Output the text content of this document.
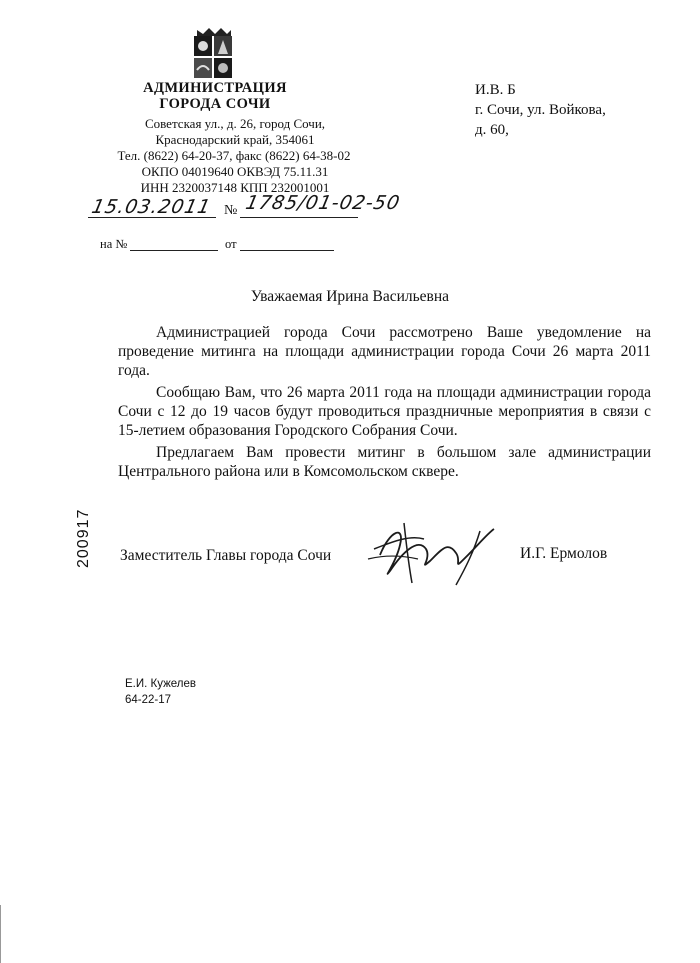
АДМИНИСТРАЦИЯ
ГОРОДА СОЧИ
Советская ул., д. 26, город Сочи,
Краснодарский край, 354061
Тел. (8622) 64-20-37, факс (8622) 64-38-02
ОКПО 04019640 ОКВЭД 75.11.31
ИНН 2320037148 КПП 232001001
15.03.2011 № 1785/01-02-50
на №	от
И.В. Б
г. Сочи, ул. Войкова,
д. 60,
Уважаемая Ирина Васильевна

Администрацией города Сочи рассмотрено Ваше уведомление на проведение митинга на площади администрации города Сочи 26 марта 2011 года.

Сообщаю Вам, что 26 марта 2011 года на площади администрации города Сочи с 12 до 19 часов будут проводиться праздничные мероприятия в связи с 15-летием образования Городского Собрания Сочи.

Предлагаем Вам провести митинг в большом зале администрации Центрального района или в Комсомольском сквере.

200917	Заместитель Главы города Сочи	И.Г. Ермолов
Е.И. Кужелев
64-22-17
